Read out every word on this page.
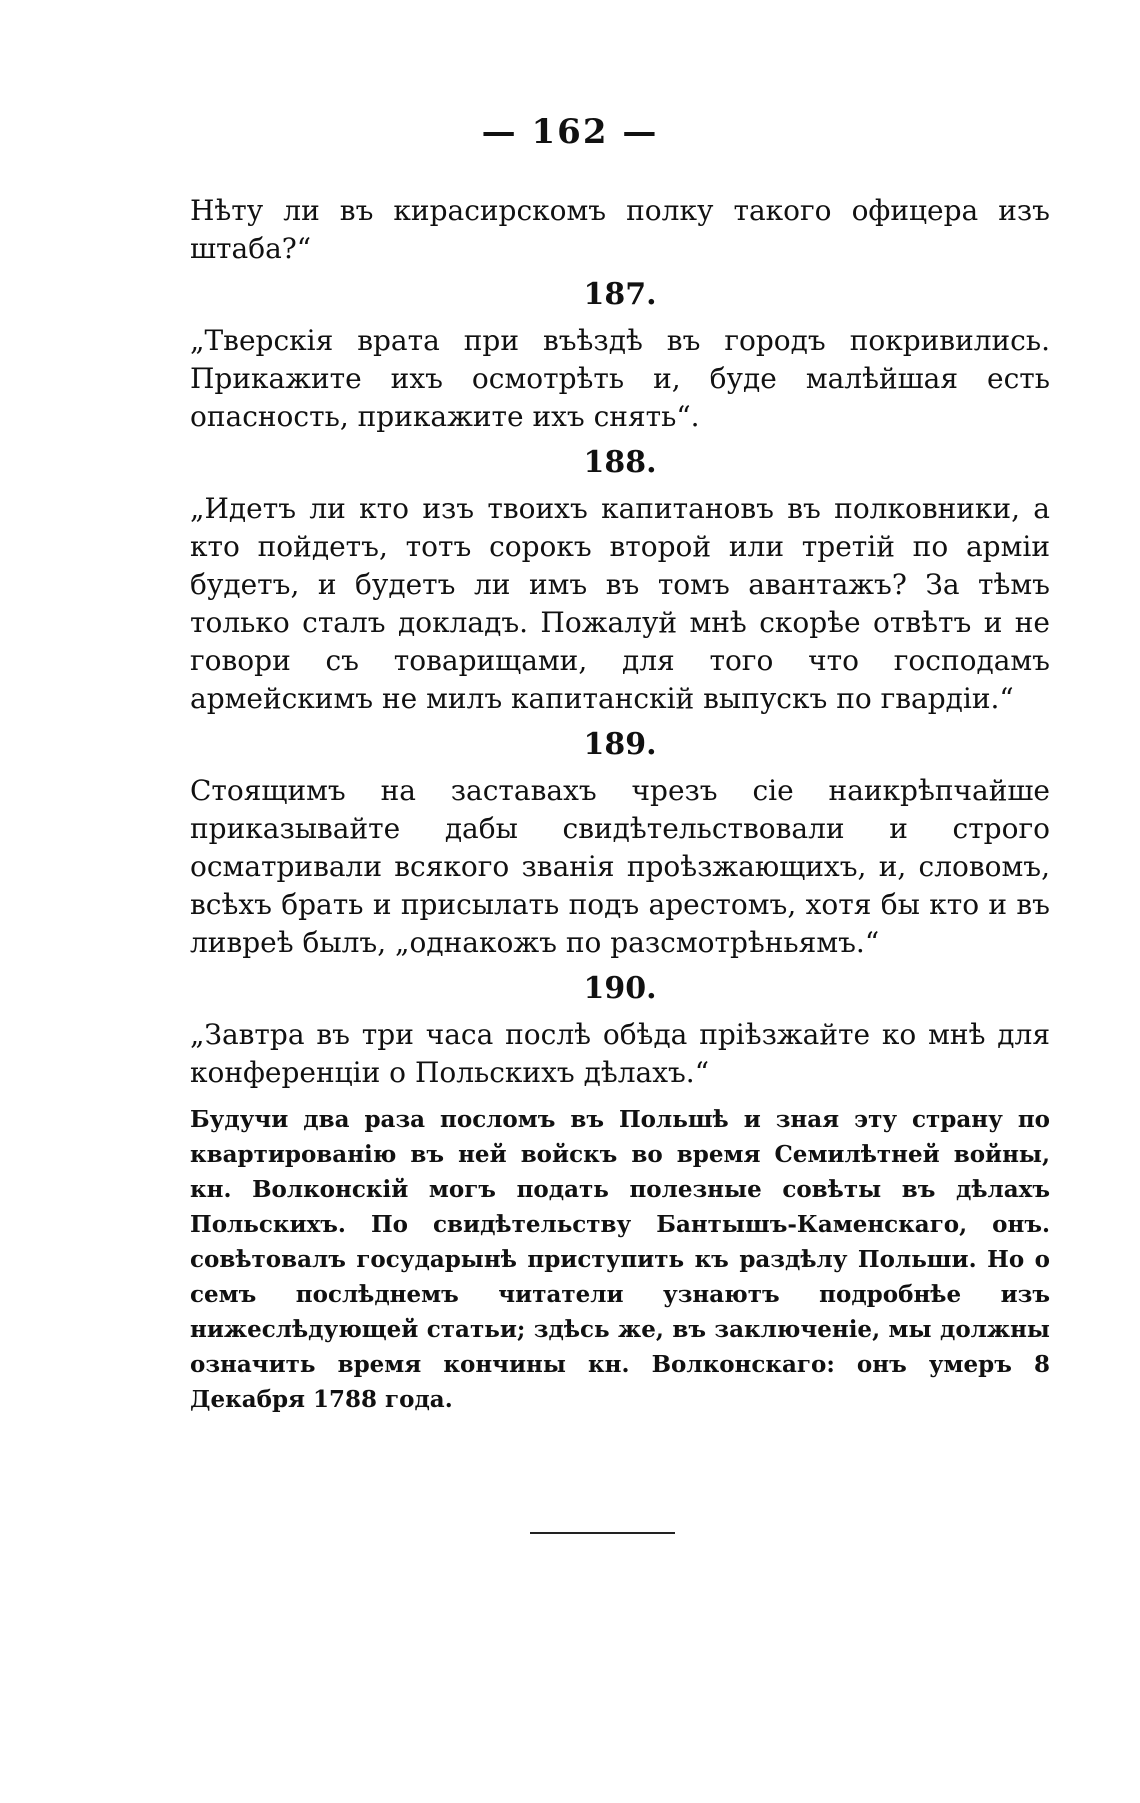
— 162 —

Нѣту ли въ кирасирскомъ полку такого офицера изъ штаба?“

187.

„Тверскія врата при въѣздѣ въ городъ покривились. Прикажите ихъ осмотрѣть и, буде малѣйшая есть опасность, прикажите ихъ снять“.

188.

„Идетъ ли кто изъ твоихъ капитановъ въ полковники, а кто пойдетъ, тотъ сорокъ второй или третій по арміи будетъ, и будетъ ли имъ въ томъ авантажъ? За тѣмъ только сталъ докладъ. Пожалуй мнѣ скорѣе отвѣтъ и не говори съ товарищами, для того что господамъ армейскимъ не милъ капитанскій выпускъ по гвардіи.“

189.

Стоящимъ на заставахъ чрезъ сіе наикрѣпчайше приказывайте дабы свидѣтельствовали и строго осматривали всякого званія проѣзжающихъ, и, словомъ, всѣхъ брать и присылать подъ арестомъ, хотя бы кто и въ ливреѣ былъ, „однакожъ по разсмотрѣньямъ.“

190.

„Завтра въ три часа послѣ обѣда пріѣзжайте ко мнѣ для конференціи о Польскихъ дѣлахъ.“

Будучи два раза посломъ въ Польшѣ и зная эту страну по квартированію въ ней войскъ во время Семилѣтней войны, кн. Волконскій могъ подать полезные совѣты въ дѣлахъ Польскихъ. По свидѣтельству Бантышъ-Каменскаго, онъ. совѣтовалъ государынѣ приступить къ раздѣлу Польши. Но о семъ послѣднемъ читатели узнаютъ подробнѣе изъ нижеслѣдующей статьи; здѣсь же, въ заключеніе, мы должны означить время кончины кн. Волконскаго: онъ умеръ 8 Декабря 1788 года.
